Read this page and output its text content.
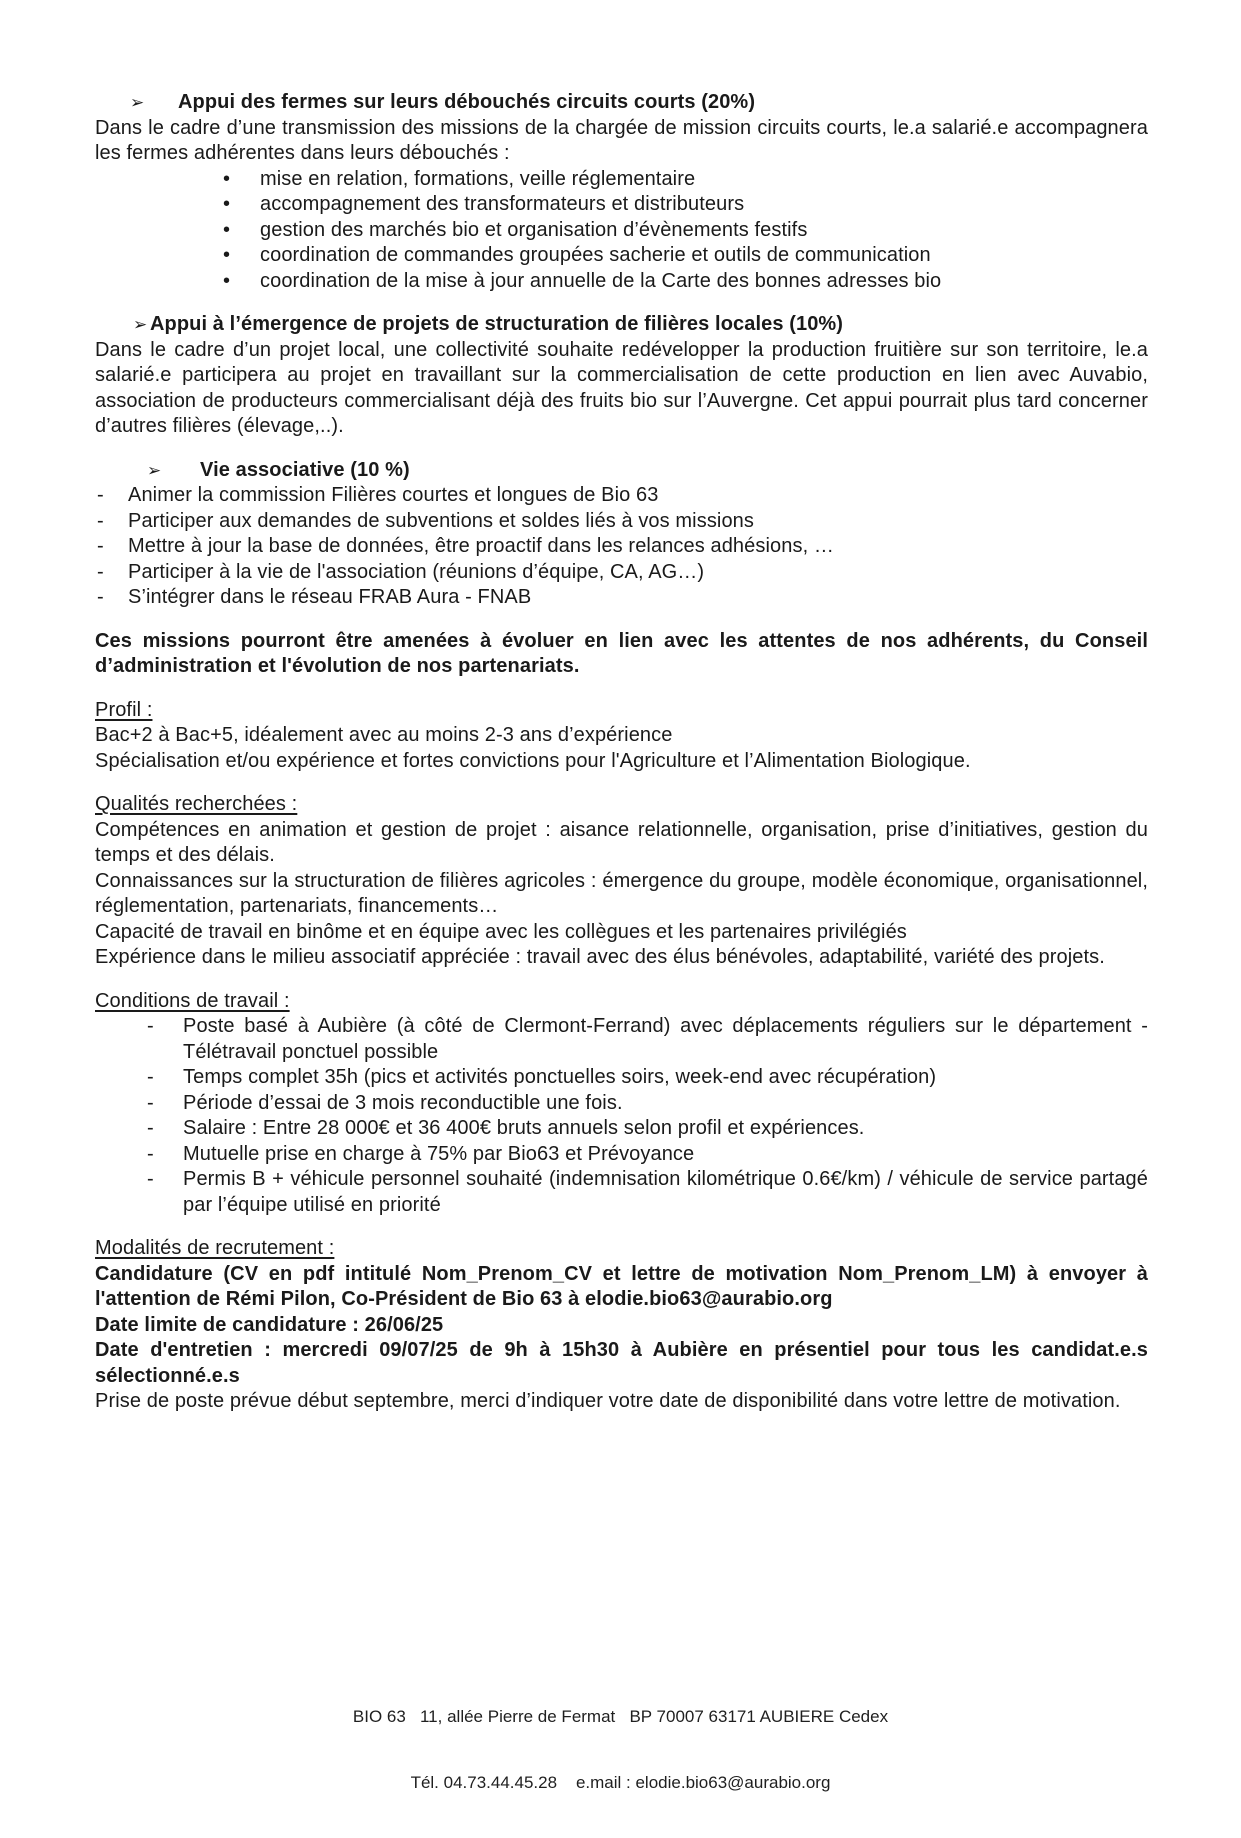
➢ Appui des fermes sur leurs débouchés circuits courts (20%)

Dans le cadre d’une transmission des missions de la chargée de mission circuits courts, le.a salarié.e accompagnera les fermes adhérentes dans leurs débouchés :

• mise en relation, formations, veille réglementaire
• accompagnement des transformateurs et distributeurs
• gestion des marchés bio et organisation d’évènements festifs
• coordination de commandes groupées sacherie et outils de communication
• coordination de la mise à jour annuelle de la Carte des bonnes adresses bio
➢ Appui à l’émergence de projets de structuration de filières locales (10%)

Dans le cadre d’un projet local, une collectivité souhaite redévelopper la production fruitière sur son territoire, le.a salarié.e participera au projet en travaillant sur la commercialisation de cette production en lien avec Auvabio, association de producteurs commercialisant déjà des fruits bio sur l’Auvergne. Cet appui pourrait plus tard concerner d’autres filières (élevage,..).

➢ Vie associative (10 %)
- Animer la commission Filières courtes et longues de Bio 63
- Participer aux demandes de subventions et soldes liés à vos missions
- Mettre à jour la base de données, être proactif dans les relances adhésions, …
- Participer à la vie de l'association (réunions d’équipe, CA, AG…)
- S’intégrer dans le réseau FRAB Aura - FNAB

Ces missions pourront être amenées à évoluer en lien avec les attentes de nos adhérents, du Conseil d’administration et l'évolution de nos partenariats.

Profil :

Bac+2 à Bac+5, idéalement avec au moins 2-3 ans d’expérience

Spécialisation et/ou expérience et fortes convictions pour l'Agriculture et l’Alimentation Biologique.

Qualités recherchées :

Compétences en animation et gestion de projet : aisance relationnelle, organisation, prise d’initiatives, gestion du temps et des délais.

Connaissances sur la structuration de filières agricoles : émergence du groupe, modèle économique, organisationnel, réglementation, partenariats, financements…

Capacité de travail en binôme et en équipe avec les collègues et les partenaires privilégiés

Expérience dans le milieu associatif appréciée : travail avec des élus bénévoles, adaptabilité, variété des projets.

Conditions de travail :

- Poste basé à Aubière (à côté de Clermont-Ferrand) avec déplacements réguliers sur le département - Télétravail ponctuel possible
- Temps complet 35h (pics et activités ponctuelles soirs, week-end avec récupération)
- Période d’essai de 3 mois reconductible une fois.
- Salaire : Entre 28 000€ et 36 400€ bruts annuels selon profil et expériences.
- Mutuelle prise en charge à 75% par Bio63 et Prévoyance
- Permis B + véhicule personnel souhaité (indemnisation kilométrique 0.6€/km) / véhicule de service partagé par l’équipe utilisé en priorité

Modalités de recrutement :

Candidature (CV en pdf intitulé Nom_Prenom_CV et lettre de motivation Nom_Prenom_LM) à envoyer à l'attention de Rémi Pilon, Co-Président de Bio 63 à elodie.bio63@aurabio.org

Date limite de candidature : 26/06/25

Date d'entretien : mercredi 09/07/25 de 9h à 15h30 à Aubière en présentiel pour tous les candidat.e.s sélectionné.e.s

Prise de poste prévue début septembre, merci d’indiquer votre date de disponibilité dans votre lettre de motivation.

BIO 63   11, allée Pierre de Fermat   BP 70007 63171 AUBIERE Cedex

Tél. 04.73.44.45.28    e.mail : elodie.bio63@aurabio.org
